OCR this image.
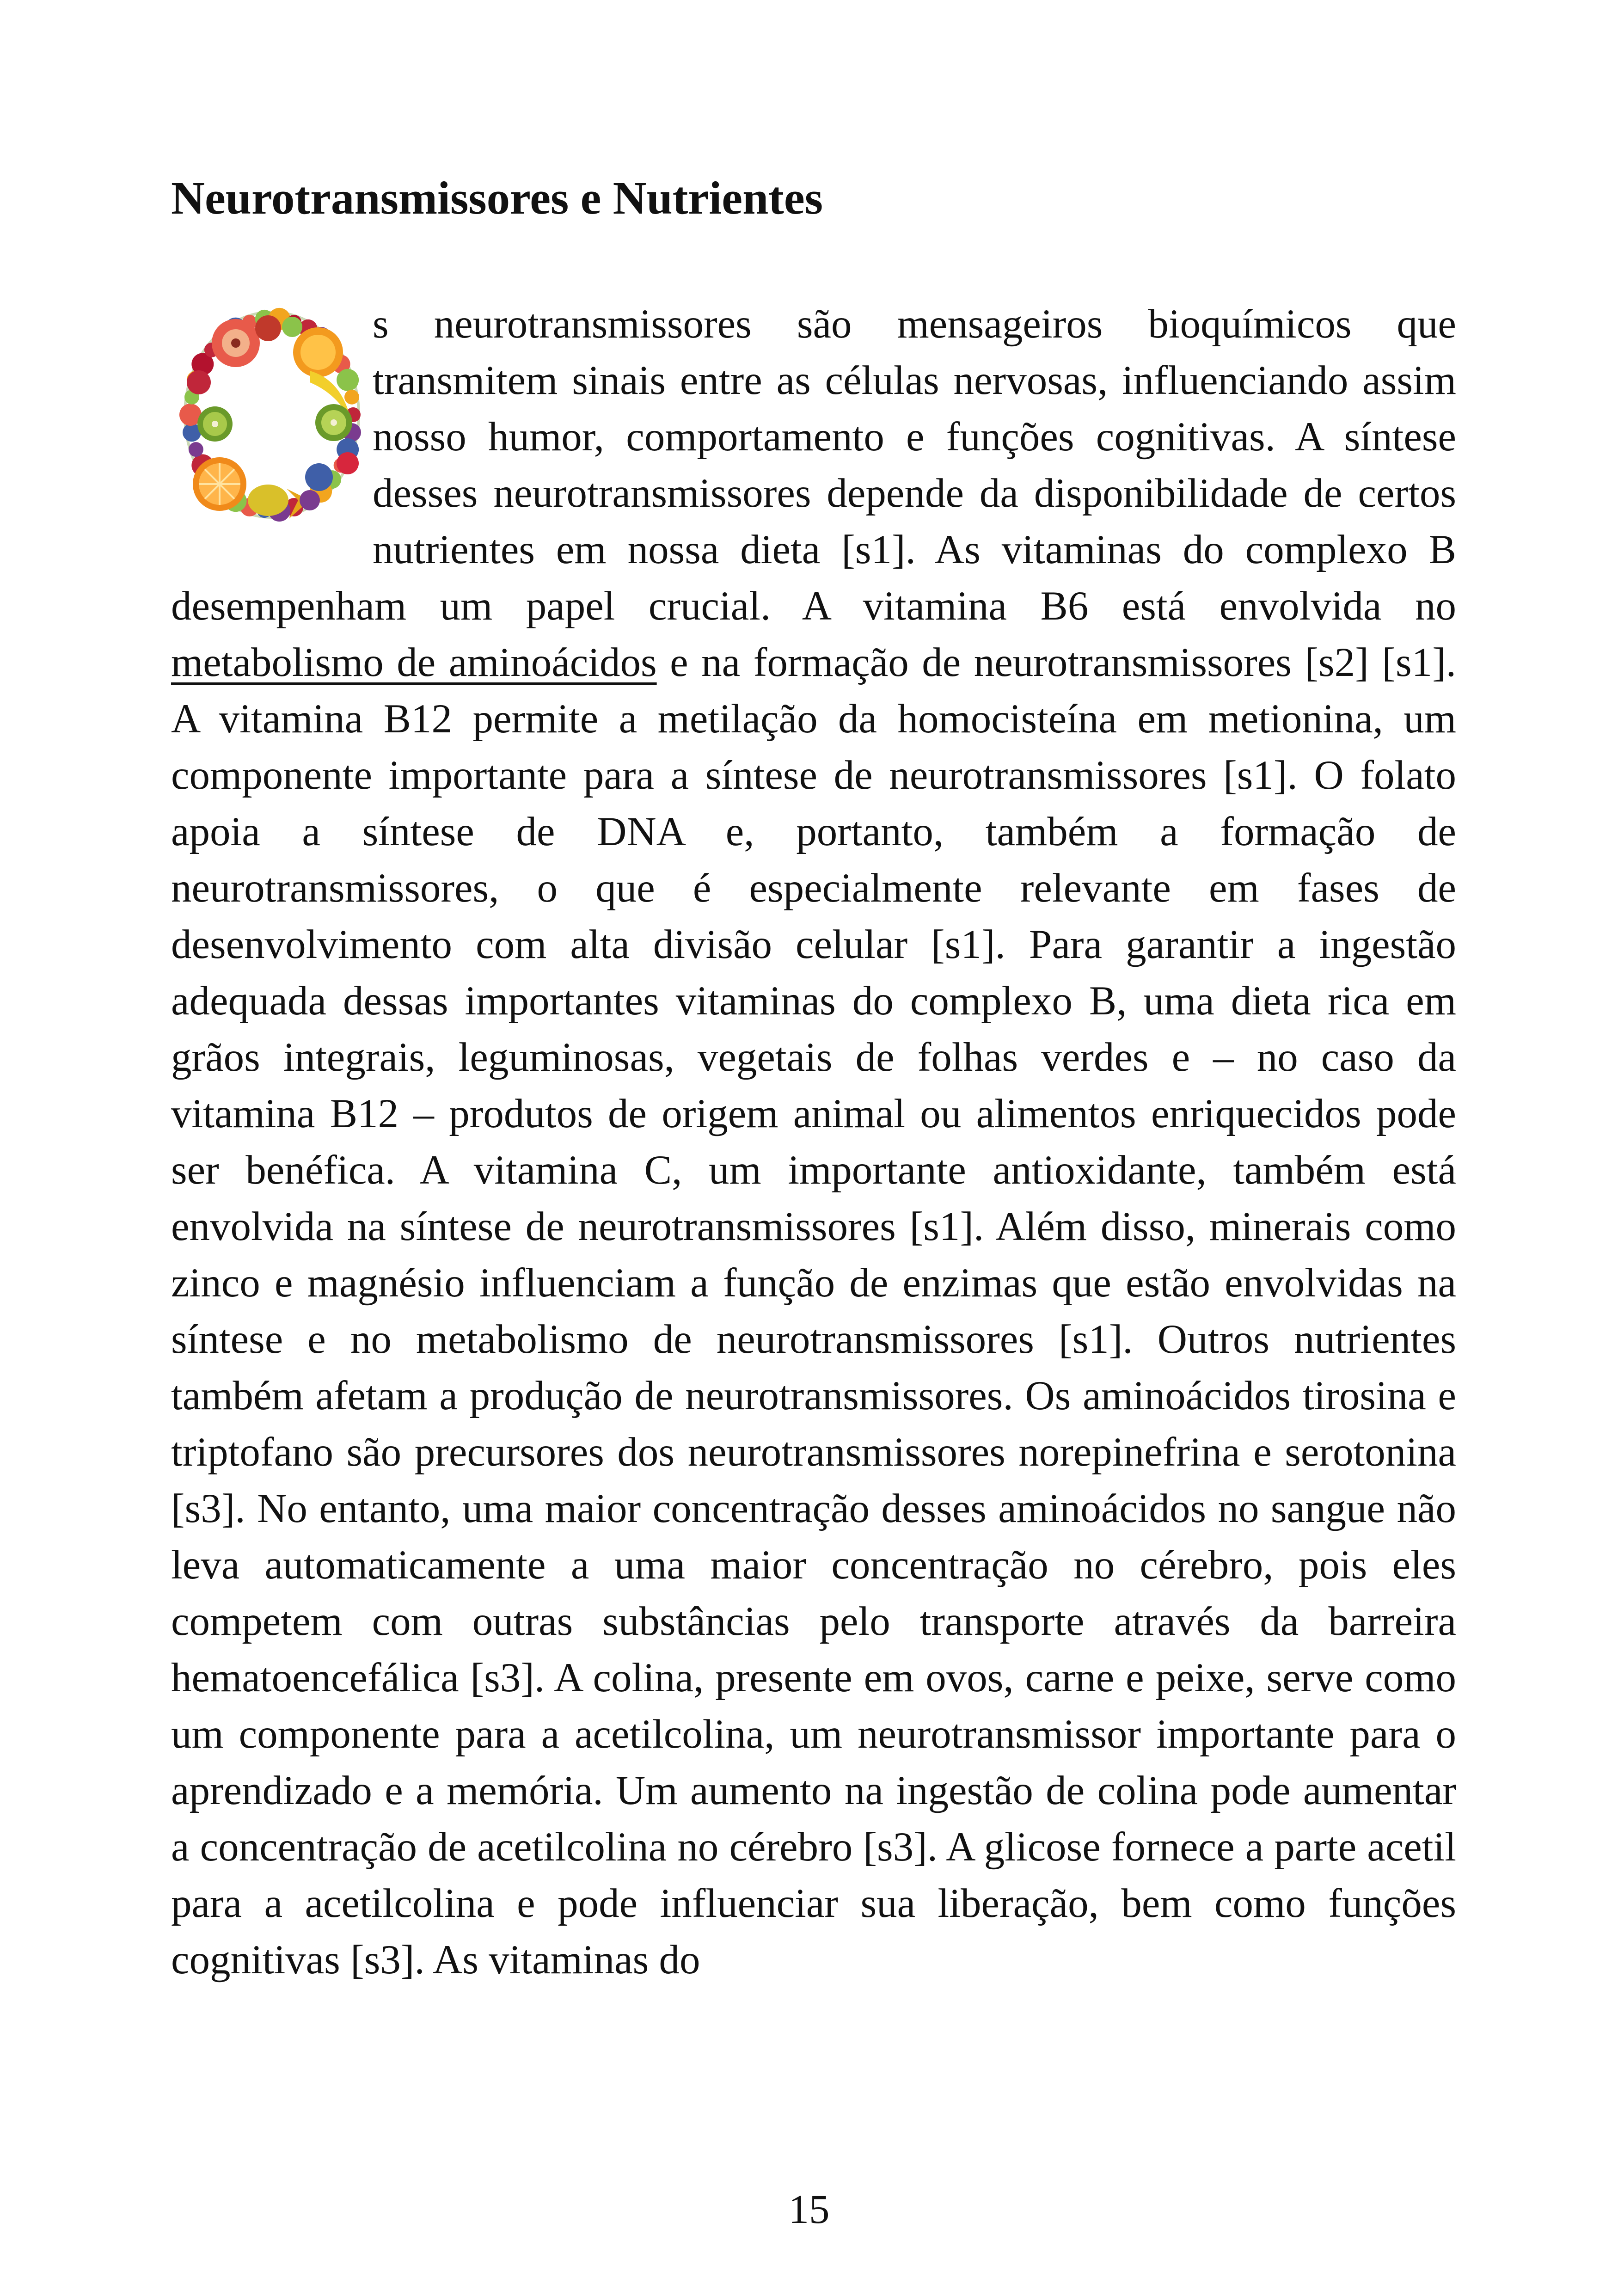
Neurotransmissores e Nutrientes

s neurotransmissores são mensageiros bioquímicos que transmitem sinais entre as células nervosas, influenciando assim nosso humor, comportamento e funções cognitivas. A síntese desses neurotransmissores depende da disponibilidade de certos nutrientes em nossa dieta [s1]. As vitaminas do complexo B desempenham um papel crucial. A vitamina B6 está envolvida no metabolismo de aminoácidos e na formação de neurotransmissores [s2] [s1]. A vitamina B12 permite a metilação da homocisteína em metionina, um componente importante para a síntese de neurotransmissores [s1]. O folato apoia a síntese de DNA e, portanto, também a formação de neurotransmissores, o que é especialmente relevante em fases de desenvolvimento com alta divisão celular [s1]. Para garantir a ingestão adequada dessas importantes vitaminas do complexo B, uma dieta rica em grãos integrais, leguminosas, vegetais de folhas verdes e – no caso da vitamina B12 – produtos de origem animal ou alimentos enriquecidos pode ser benéfica. A vitamina C, um importante antioxidante, também está envolvida na síntese de neurotransmissores [s1]. Além disso, minerais como zinco e magnésio influenciam a função de enzimas que estão envolvidas na síntese e no metabolismo de neurotransmissores [s1]. Outros nutrientes também afetam a produção de neurotransmissores. Os aminoácidos tirosina e triptofano são precursores dos neurotransmissores norepinefrina e serotonina [s3]. No entanto, uma maior concentração desses aminoácidos no sangue não leva automaticamente a uma maior concentração no cérebro, pois eles competem com outras substâncias pelo transporte através da barreira hematoencefálica [s3]. A colina, presente em ovos, carne e peixe, serve como um componente para a acetilcolina, um neurotransmissor importante para o aprendizado e a memória. Um aumento na ingestão de colina pode aumentar a concentração de acetilcolina no cérebro [s3]. A glicose fornece a parte acetil para a acetilcolina e pode influenciar sua liberação, bem como funções cognitivas [s3]. As vitaminas do

15
